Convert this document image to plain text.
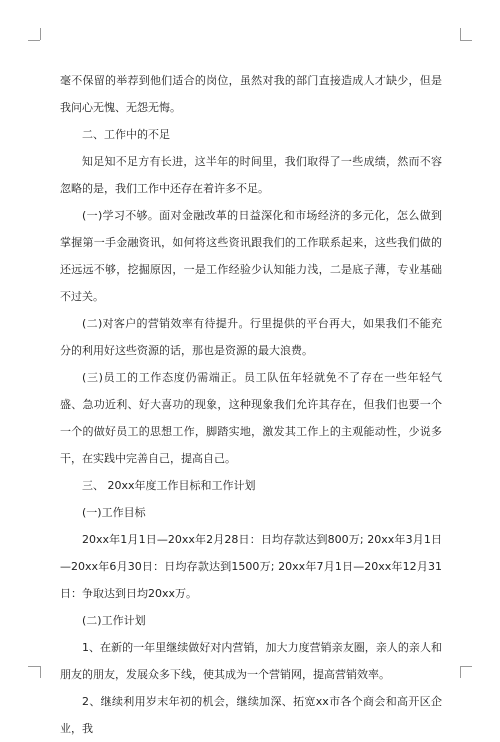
毫不保留的举荐到他们适合的岗位，虽然对我的部门直接造成人才缺少，但是我问心无愧、无怨无悔。

二、工作中的不足

知足知不足方有长进，这半年的时间里，我们取得了一些成绩，然而不容忽略的是，我们工作中还存在着许多不足。

(一)学习不够。面对金融改革的日益深化和市场经济的多元化，怎么做到掌握第一手金融资讯，如何将这些资讯跟我们的工作联系起来，这些我们做的还远远不够，挖掘原因，一是工作经验少认知能力浅，二是底子薄，专业基础不过关。

(二)对客户的营销效率有待提升。行里提供的平台再大，如果我们不能充分的利用好这些资源的话，那也是资源的最大浪费。

(三)员工的工作态度仍需端正。员工队伍年轻就免不了存在一些年轻气盛、急功近利、好大喜功的现象，这种现象我们允许其存在，但我们也要一个一个的做好员工的思想工作，脚踏实地，激发其工作上的主观能动性，少说多干，在实践中完善自己，提高自己。

三、 20xx年度工作目标和工作计划

(一)工作目标

20xx年1月1日—20xx年2月28日：日均存款达到800万; 20xx年3月1日—20xx年6月30日：日均存款达到1500万; 20xx年7月1日—20xx年12月31日：争取达到日均20xx万。

(二)工作计划

1、在新的一年里继续做好对内营销，加大力度营销亲友圈，亲人的亲人和朋友的朋友，发展众多下线，使其成为一个营销网，提高营销效率。

2、继续利用岁末年初的机会，继续加深、拓宽xx市各个商会和高开区企业，我
